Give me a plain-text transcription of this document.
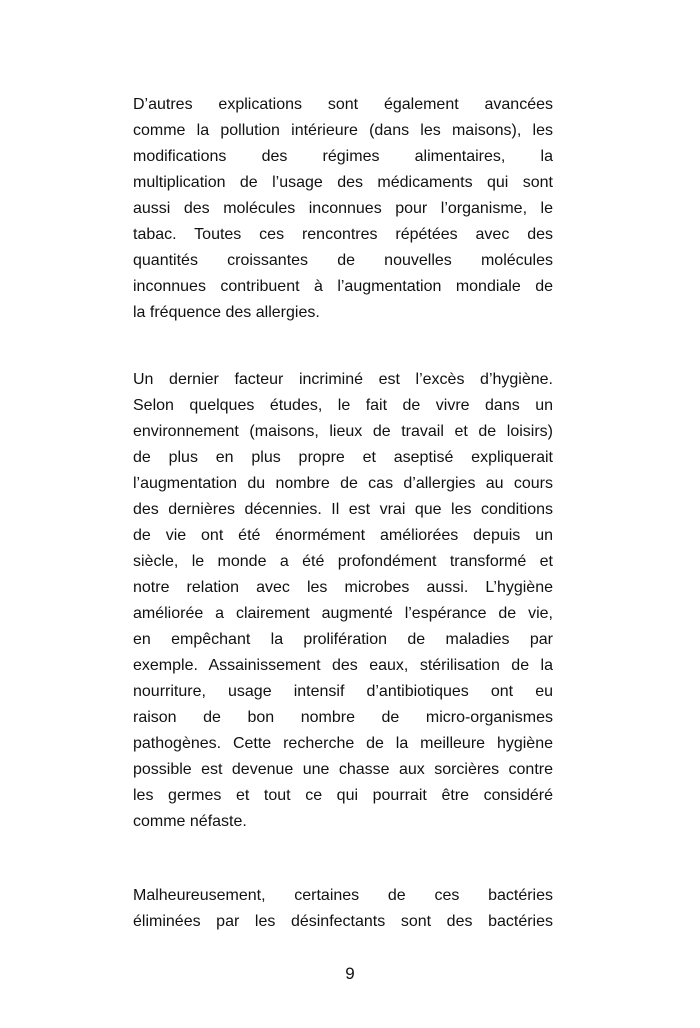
D’autres explications sont également avancées
comme la pollution intérieure (dans les maisons), les
modifications des régimes alimentaires, la
multiplication de l’usage des médicaments qui sont
aussi des molécules inconnues pour l’organisme, le
tabac. Toutes ces rencontres répétées avec des
quantités croissantes de nouvelles molécules
inconnues contribuent à l’augmentation mondiale de
la fréquence des allergies.
Un dernier facteur incriminé est l’excès d’hygiène.
Selon quelques études, le fait de vivre dans un
environnement (maisons, lieux de travail et de loisirs)
de plus en plus propre et aseptisé expliquerait
l’augmentation du nombre de cas d’allergies au cours
des dernières décennies. Il est vrai que les conditions
de vie ont été énormément améliorées depuis un
siècle, le monde a été profondément transformé et
notre relation avec les microbes aussi. L’hygiène
améliorée a clairement augmenté l’espérance de vie,
en empêchant la prolifération de maladies par
exemple. Assainissement des eaux, stérilisation de la
nourriture, usage intensif d’antibiotiques ont eu
raison de bon nombre de micro-organismes
pathogènes. Cette recherche de la meilleure hygiène
possible est devenue une chasse aux sorcières contre
les germes et tout ce qui pourrait être considéré
comme néfaste.
Malheureusement, certaines de ces bactéries
éliminées par les désinfectants sont des bactéries
9
